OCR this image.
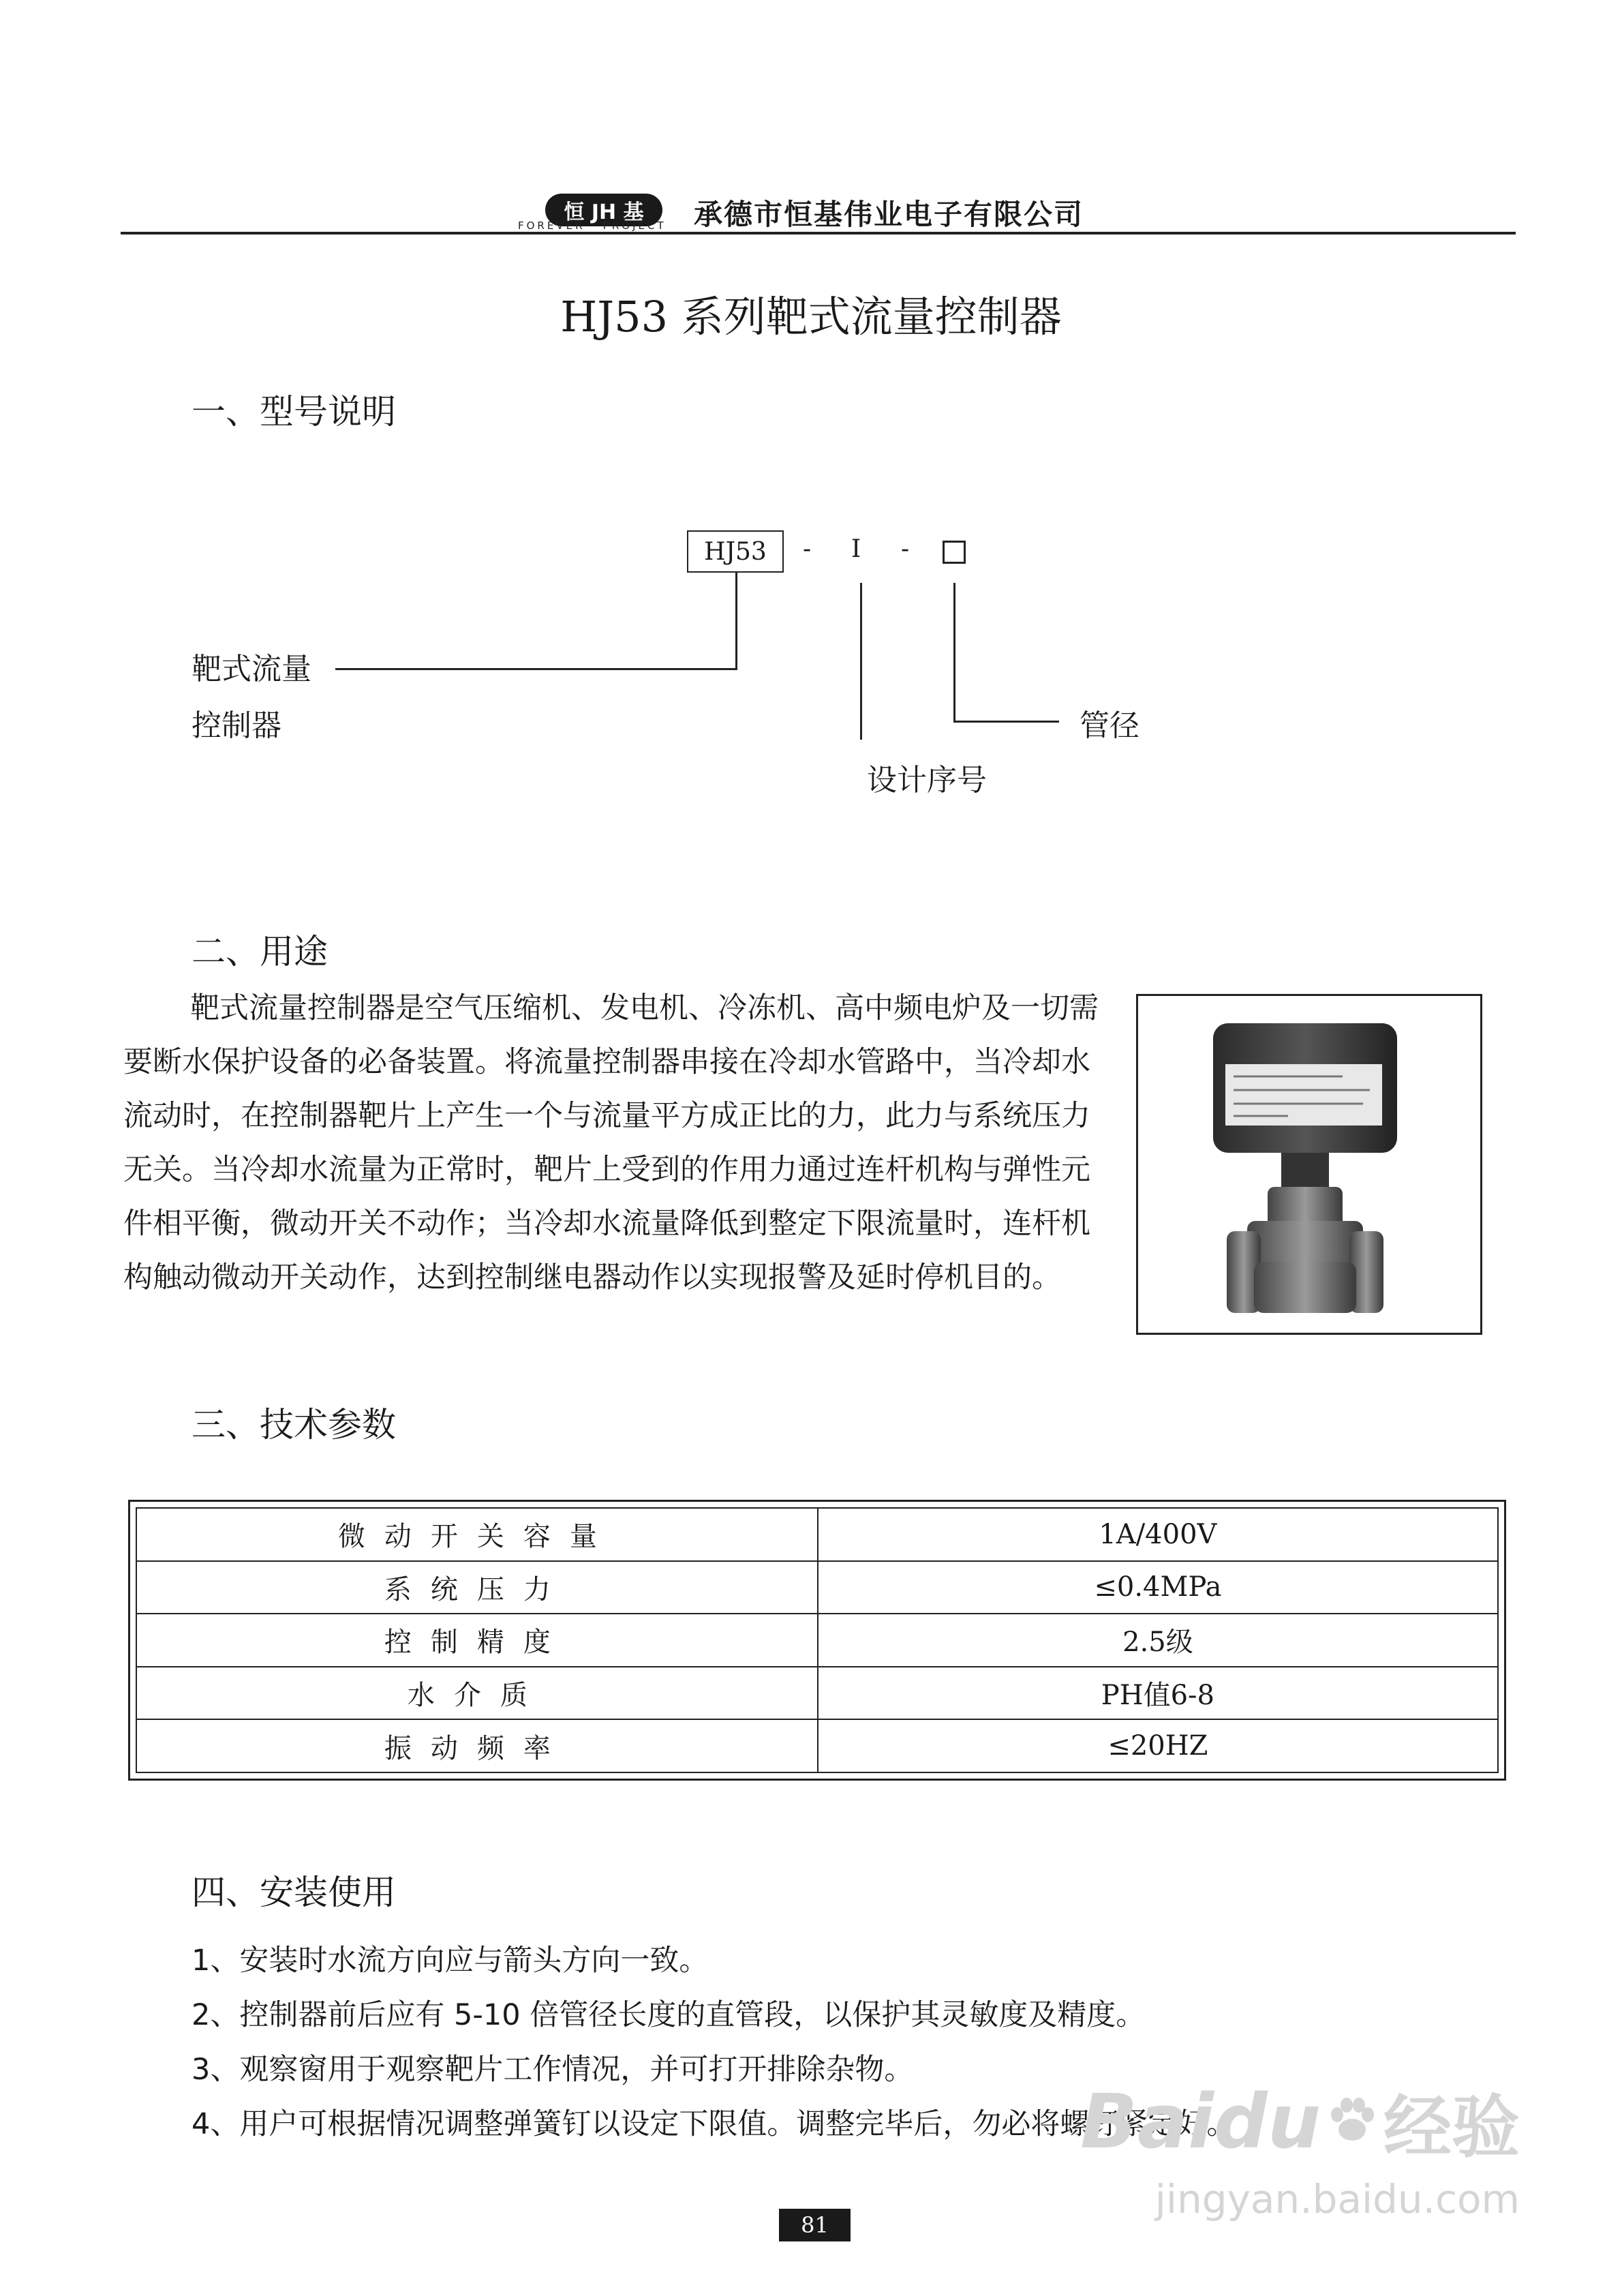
恒 JH 基
FOREVER · PROJECT 承德市恒基伟业电子有限公司
HJ53 系列靶式流量控制器
一、型号说明
HJ53	- I -
靶式流量
控制器
设计序号
管径
二、用途

靶式流量控制器是空气压缩机、发电机、冷冻机、高中频电炉及一切需要断水保护设备的必备装置。将流量控制器串接在冷却水管路中，当冷却水流动时，在控制器靶片上产生一个与流量平方成正比的力，此力与系统压力无关。当冷却水流量为正常时，靶片上受到的作用力通过连杆机构与弹性元件相平衡，微动开关不动作；当冷却水流量降低到整定下限流量时，连杆机构触动微动开关动作，达到控制继电器动作以实现报警及延时停机目的。

三、技术参数
微动开关容量	1A/400V
系统压力	≤0.4MPa
控制精度	2.5级
水介质	PH值6-8
振动频率	≤20HZ
四、安装使用
1、安装时水流方向应与箭头方向一致。
2、控制器前后应有 5-10 倍管径长度的直管段，以保护其灵敏度及精度。
3、观察窗用于观察靶片工作情况，并可打开排除杂物。
4、用户可根据情况调整弹簧钉以设定下限值。调整完毕后，勿必将螺钉紧定好。
Baidu 经验
jingyan.baidu.com
81
